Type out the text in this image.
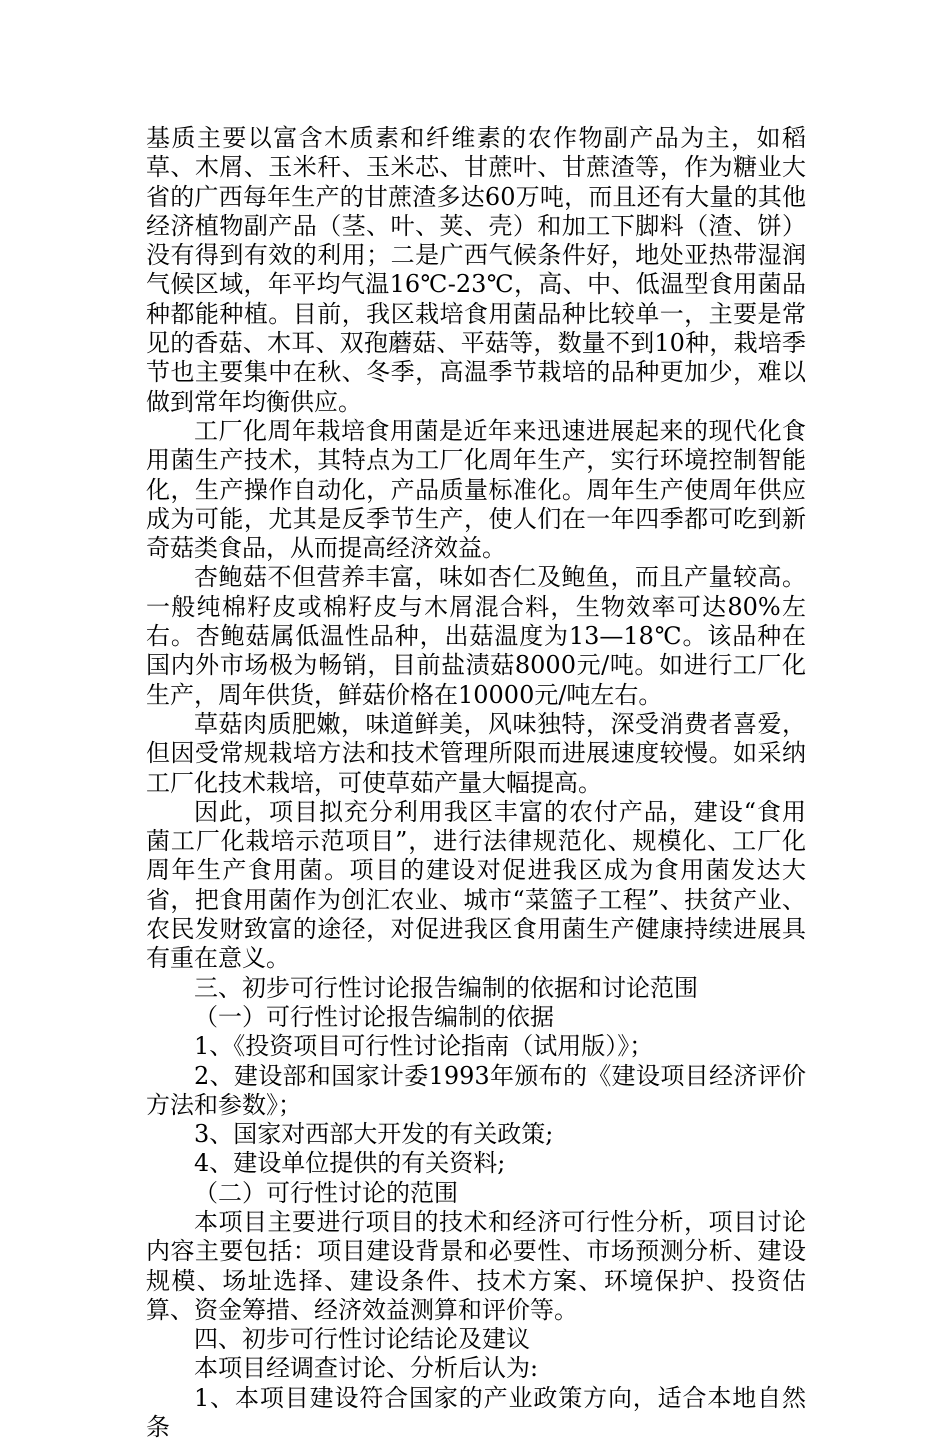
基质主要以富含木质素和纤维素的农作物副产品为主，如稻草、木屑、玉米秆、玉米芯、甘蔗叶、甘蔗渣等，作为糖业大省的广西每年生产的甘蔗渣多达60万吨，而且还有大量的其他经济植物副产品（茎、叶、荚、壳）和加工下脚料（渣、饼）没有得到有效的利用；二是广西气候条件好，地处亚热带湿润气候区域，年平均气温16℃-23℃，高、中、低温型食用菌品种都能种植。目前，我区栽培食用菌品种比较单一，主要是常见的香菇、木耳、双孢蘑菇、平菇等，数量不到10种，栽培季节也主要集中在秋、冬季，高温季节栽培的品种更加少，难以做到常年均衡供应。

工厂化周年栽培食用菌是近年来迅速进展起来的现代化食用菌生产技术，其特点为工厂化周年生产，实行环境控制智能化，生产操作自动化，产品质量标准化。周年生产使周年供应成为可能，尤其是反季节生产，使人们在一年四季都可吃到新奇菇类食品，从而提高经济效益。

杏鲍菇不但营养丰富，味如杏仁及鲍鱼，而且产量较高。一般纯棉籽皮或棉籽皮与木屑混合料，生物效率可达80%左右。杏鲍菇属低温性品种，出菇温度为13—18℃。该品种在国内外市场极为畅销，目前盐渍菇8000元/吨。如进行工厂化生产，周年供货，鲜菇价格在10000元/吨左右。

草菇肉质肥嫩，味道鲜美，风味独特，深受消费者喜爱，但因受常规栽培方法和技术管理所限而进展速度较慢。如采纳工厂化技术栽培，可使草茹产量大幅提高。

因此，项目拟充分利用我区丰富的农付产品，建设“食用菌工厂化栽培示范项目”，进行法律规范化、规模化、工厂化周年生产食用菌。项目的建设对促进我区成为食用菌发达大省，把食用菌作为创汇农业、城市“菜篮子工程”、扶贫产业、农民发财致富的途径，对促进我区食用菌生产健康持续进展具有重在意义。

三、初步可行性讨论报告编制的依据和讨论范围

（一）可行性讨论报告编制的依据

1、《投资项目可行性讨论指南（试用版）》；

2、建设部和国家计委1993年颁布的《建设项目经济评价方法和参数》；

3、国家对西部大开发的有关政策;

4、建设单位提供的有关资料;

（二）可行性讨论的范围

本项目主要进行项目的技术和经济可行性分析，项目讨论内容主要包括：项目建设背景和必要性、市场预测分析、建设规模、场址选择、建设条件、技术方案、环境保护、投资估算、资金筹措、经济效益测算和评价等。

四、初步可行性讨论结论及建议

本项目经调查讨论、分析后认为:

1、本项目建设符合国家的产业政策方向，适合本地自然条
